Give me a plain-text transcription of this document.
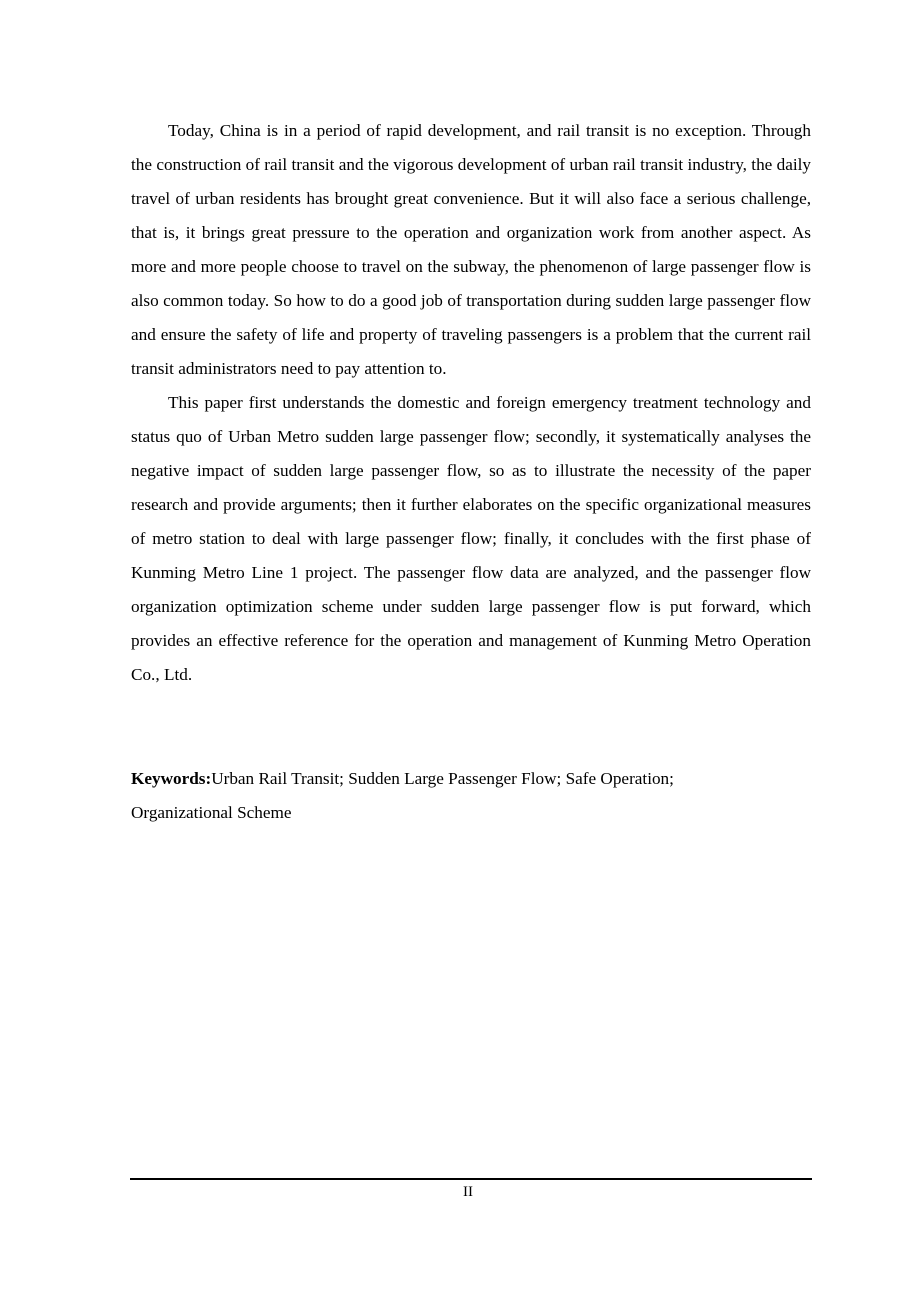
Today, China is in a period of rapid development, and rail transit is no exception. Through the construction of rail transit and the vigorous development of urban rail transit industry, the daily travel of urban residents has brought great convenience. But it will also face a serious challenge, that is, it brings great pressure to the operation and organization work from another aspect. As more and more people choose to travel on the subway, the phenomenon of large passenger flow is also common today. So how to do a good job of transportation during sudden large passenger flow and ensure the safety of life and property of traveling passengers is a problem that the current rail transit administrators need to pay attention to.

This paper first understands the domestic and foreign emergency treatment technology and status quo of Urban Metro sudden large passenger flow; secondly, it systematically analyses the negative impact of sudden large passenger flow, so as to illustrate the necessity of the paper research and provide arguments; then it further elaborates on the specific organizational measures of metro station to deal with large passenger flow; finally, it concludes with the first phase of Kunming Metro Line 1 project. The passenger flow data are analyzed, and the passenger flow organization optimization scheme under sudden large passenger flow is put forward, which provides an effective reference for the operation and management of Kunming Metro Operation Co., Ltd.

Keywords:Urban Rail Transit; Sudden Large Passenger Flow; Safe Operation;
Organizational Scheme
II
